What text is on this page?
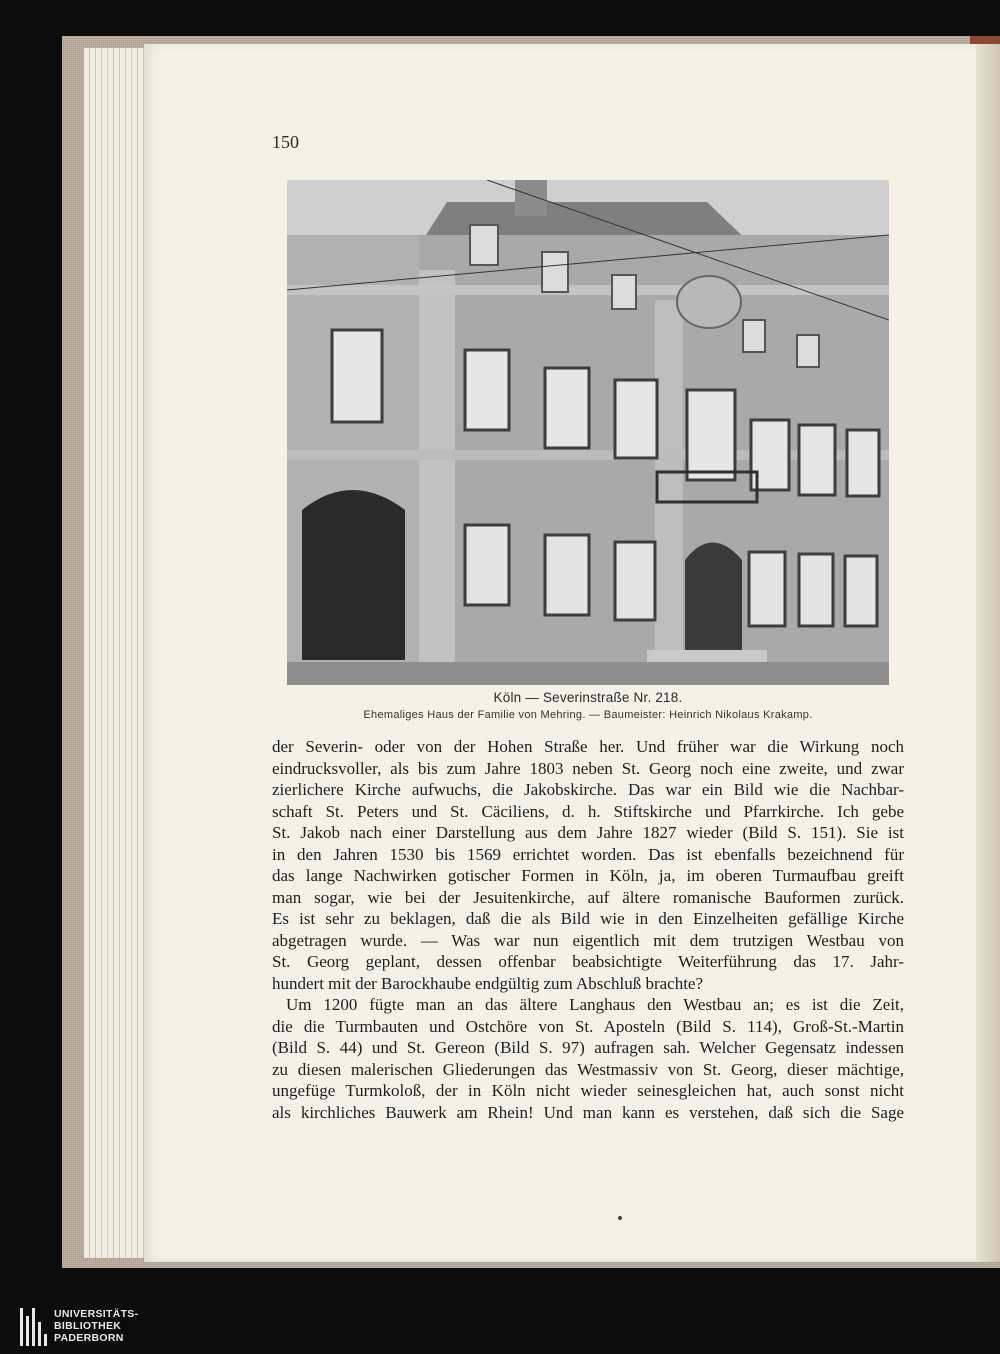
150
Köln — Severinstraße Nr. 218.
Ehemaliges Haus der Familie von Mehring. — Baumeister: Heinrich Nikolaus Krakamp.
der Severin- oder von der Hohen Straße her. Und früher war die Wirkung noch
eindrucksvoller, als bis zum Jahre 1803 neben St. Georg noch eine zweite, und zwar
zierlichere Kirche aufwuchs, die Jakobskirche. Das war ein Bild wie die Nachbar-
schaft St. Peters und St. Cäciliens, d. h. Stiftskirche und Pfarrkirche. Ich gebe
St. Jakob nach einer Darstellung aus dem Jahre 1827 wieder (Bild S. 151). Sie ist
in den Jahren 1530 bis 1569 errichtet worden. Das ist ebenfalls bezeichnend für
das lange Nachwirken gotischer Formen in Köln, ja, im oberen Turmaufbau greift
man sogar, wie bei der Jesuitenkirche, auf ältere romanische Bauformen zurück.
Es ist sehr zu beklagen, daß die als Bild wie in den Einzelheiten gefällige Kirche
abgetragen wurde. — Was war nun eigentlich mit dem trutzigen Westbau von
St. Georg geplant, dessen offenbar beabsichtigte Weiterführung das 17. Jahr-
hundert mit der Barockhaube endgültig zum Abschluß brachte?
Um 1200 fügte man an das ältere Langhaus den Westbau an; es ist die Zeit,
die die Turmbauten und Ostchöre von St. Aposteln (Bild S. 114), Groß-St.-Martin
(Bild S. 44) und St. Gereon (Bild S. 97) aufragen sah. Welcher Gegensatz indessen
zu diesen malerischen Gliederungen das Westmassiv von St. Georg, dieser mächtige,
ungefüge Turmkoloß, der in Köln nicht wieder seinesgleichen hat, auch sonst nicht
als kirchliches Bauwerk am Rhein! Und man kann es verstehen, daß sich die Sage
UNIVERSITÄTS-
BIBLIOTHEK
PADERBORN
